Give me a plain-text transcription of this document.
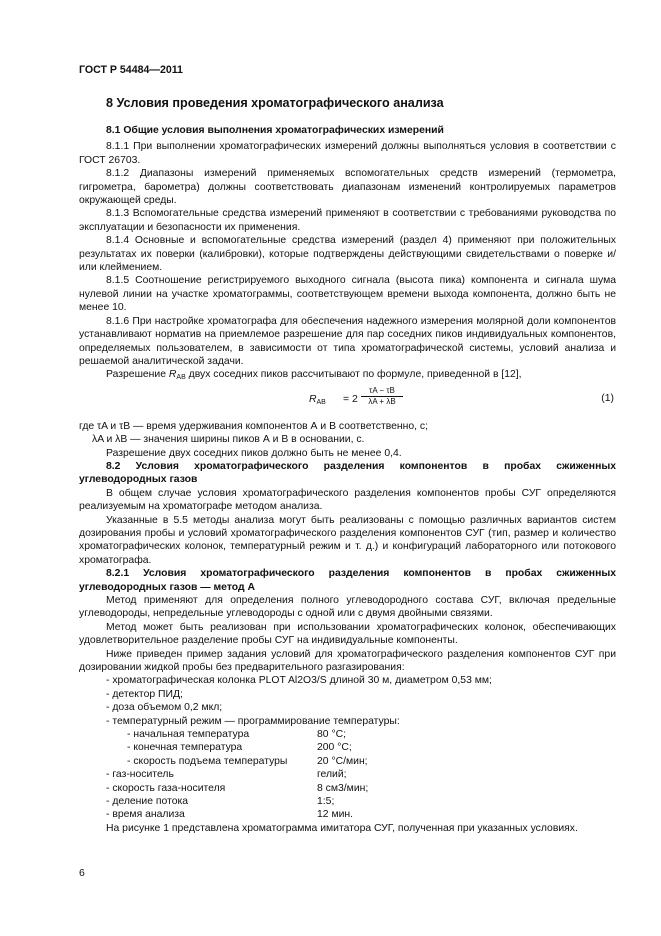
ГОСТ Р 54484—2011
8 Условия проведения хроматографического анализа
8.1 Общие условия выполнения хроматографических измерений

8.1.1 При выполнении хроматографических измерений должны выполняться условия в соответствии с ГОСТ 26703.

8.1.2 Диапазоны измерений применяемых вспомогательных средств измерений (термометра, гигрометра, барометра) должны соответствовать диапазонам изменений контролируемых параметров окружающей среды.

8.1.3 Вспомогательные средства измерений применяют в соответствии с требованиями руководства по эксплуатации и безопасности их применения.

8.1.4 Основные и вспомогательные средства измерений (раздел 4) применяют при положительных результатах их поверки (калибровки), которые подтверждены действующими свидетельствами о поверке и/или клеймением.

8.1.5 Соотношение регистрируемого выходного сигнала (высота пика) компонента и сигнала шума нулевой линии на участке хроматограммы, соответствующем времени выхода компонента, должно быть не менее 10.

8.1.6 При настройке хроматографа для обеспечения надежного измерения молярной доли компонентов устанавливают норматив на приемлемое разрешение для пар соседних пиков индивидуальных компонентов, определяемых пользователем, в зависимости от типа хроматографической системы, условий анализа и решаемой аналитической задачи.

Разрешение $R_{AB}$ двух соседних пиков рассчитывают по формуле, приведенной в [12],

$R_{AB} = 2 \frac{\tau A - \tau B}{\lambda A + \lambda B}$	(1)

где τA и τB — время удерживания компонентов А и В соответственно, с;

λA и λB — значения ширины пиков А и В в основании, с.

Разрешение двух соседних пиков должно быть не менее 0,4.

8.2 Условия хроматографического разделения компонентов в пробах сжиженных углеводородных газов

В общем случае условия хроматографического разделения компонентов пробы СУГ определяются реализуемым на хроматографе методом анализа.

Указанные в 5.5 методы анализа могут быть реализованы с помощью различных вариантов систем дозирования пробы и условий хроматографического разделения компонентов СУГ (тип, размер и количество хроматографических колонок, температурный режим и т. д.) и конфигураций лабораторного или потокового хроматографа.

8.2.1 Условия хроматографического разделения компонентов в пробах сжиженных углеводородных газов — метод А

Метод применяют для определения полного углеводородного состава СУГ, включая предельные углеводороды, непредельные углеводороды с одной или с двумя двойными связями.

Метод может быть реализован при использовании хроматографических колонок, обеспечивающих удовлетворительное разделение пробы СУГ на индивидуальные компоненты.

Ниже приведен пример задания условий для хроматографического разделения компонентов СУГ при дозировании жидкой пробы без предварительного разгазирования:

- хроматографическая колонка PLOT Al2O3/S длиной 30 м, диаметром 0,53 мм;

- детектор ПИД;

- доза объемом 0,2 мкл;

- температурный режим — программирование температуры:

- начальная температура	80 °С;
- конечная температура	200 °С;
- скорость подъема температуры	20 °С/мин;
- газ-носитель	гелий;
- скорость газа-носителя	8 см3/мин;
- деление потока	1:5;
- время анализа	12 мин.

На рисунке 1 представлена хроматограмма имитатора СУГ, полученная при указанных условиях.

6
